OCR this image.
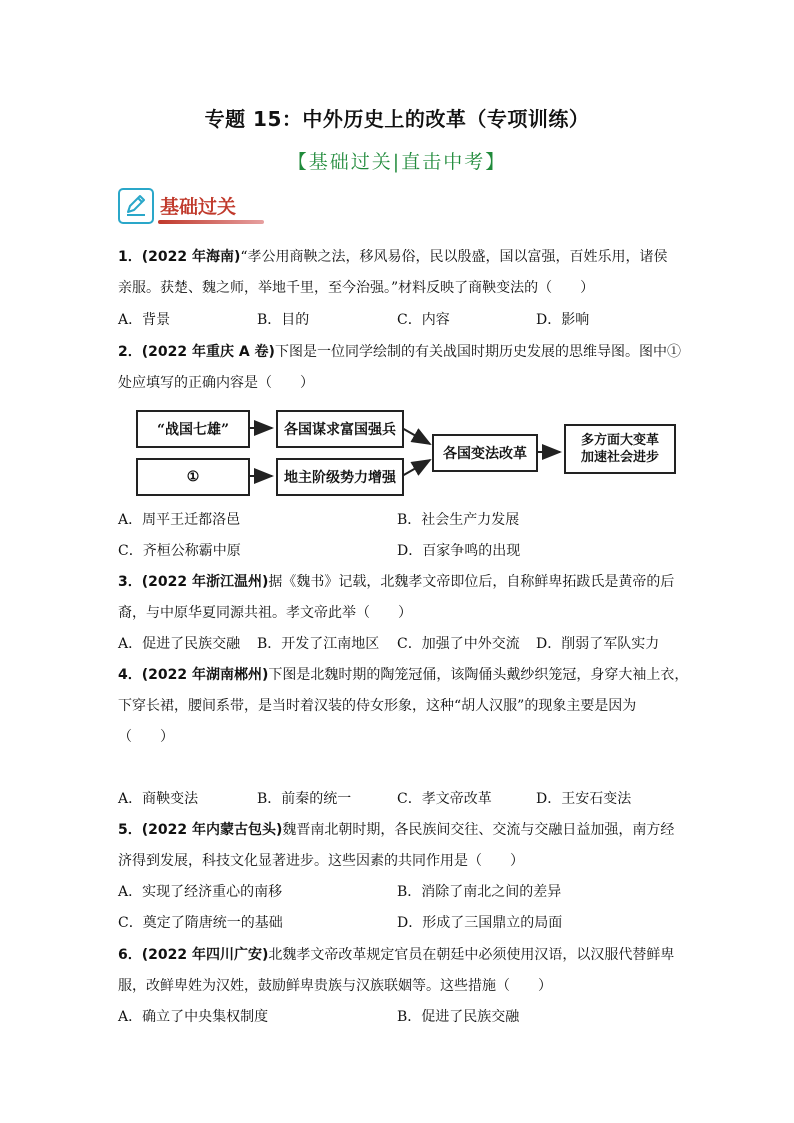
专题 15：中外历史上的改革（专项训练）
【基础过关|直击中考】
基础过关
1．(2022 年海南)“孝公用商鞅之法，移风易俗，民以殷盛，国以富强，百姓乐用，诸侯
亲服。获楚、魏之师，举地千里，至今治强。”材料反映了商鞅变法的（　　）
A．背景	B．目的	C．内容	D．影响
2．(2022 年重庆 A 卷)下图是一位同学绘制的有关战国时期历史发展的思维导图。图中①
处应填写的正确内容是（　　）
“战国七雄”
①
各国谋求富国强兵
地主阶级势力增强
各国变法改革
多方面大变革
加速社会进步
A．周平王迁都洛邑	B．社会生产力发展
C．齐桓公称霸中原	D．百家争鸣的出现
3．(2022 年浙江温州)据《魏书》记载，北魏孝文帝即位后，自称鲜卑拓跋氏是黄帝的后
裔，与中原华夏同源共祖。孝文帝此举（　　）
A．促进了民族交融 B．开发了江南地区 C．加强了中外交流 D．削弱了军队实力
4．(2022 年湖南郴州)下图是北魏时期的陶笼冠俑，该陶俑头戴纱织笼冠，身穿大袖上衣，
下穿长裙，腰间系带，是当时着汉装的侍女形象，这种“胡人汉服”的现象主要是因为
（　　）
A．商鞅变法	B．前秦的统一	C．孝文帝改革	D．王安石变法
5．(2022 年内蒙古包头)魏晋南北朝时期，各民族间交往、交流与交融日益加强，南方经
济得到发展，科技文化显著进步。这些因素的共同作用是（　　）
A．实现了经济重心的南移	B．消除了南北之间的差异
C．奠定了隋唐统一的基础	D．形成了三国鼎立的局面
6．(2022 年四川广安)北魏孝文帝改革规定官员在朝廷中必须使用汉语，以汉服代替鲜卑
服，改鲜卑姓为汉姓，鼓励鲜卑贵族与汉族联姻等。这些措施（　　）
A．确立了中央集权制度	B．促进了民族交融
